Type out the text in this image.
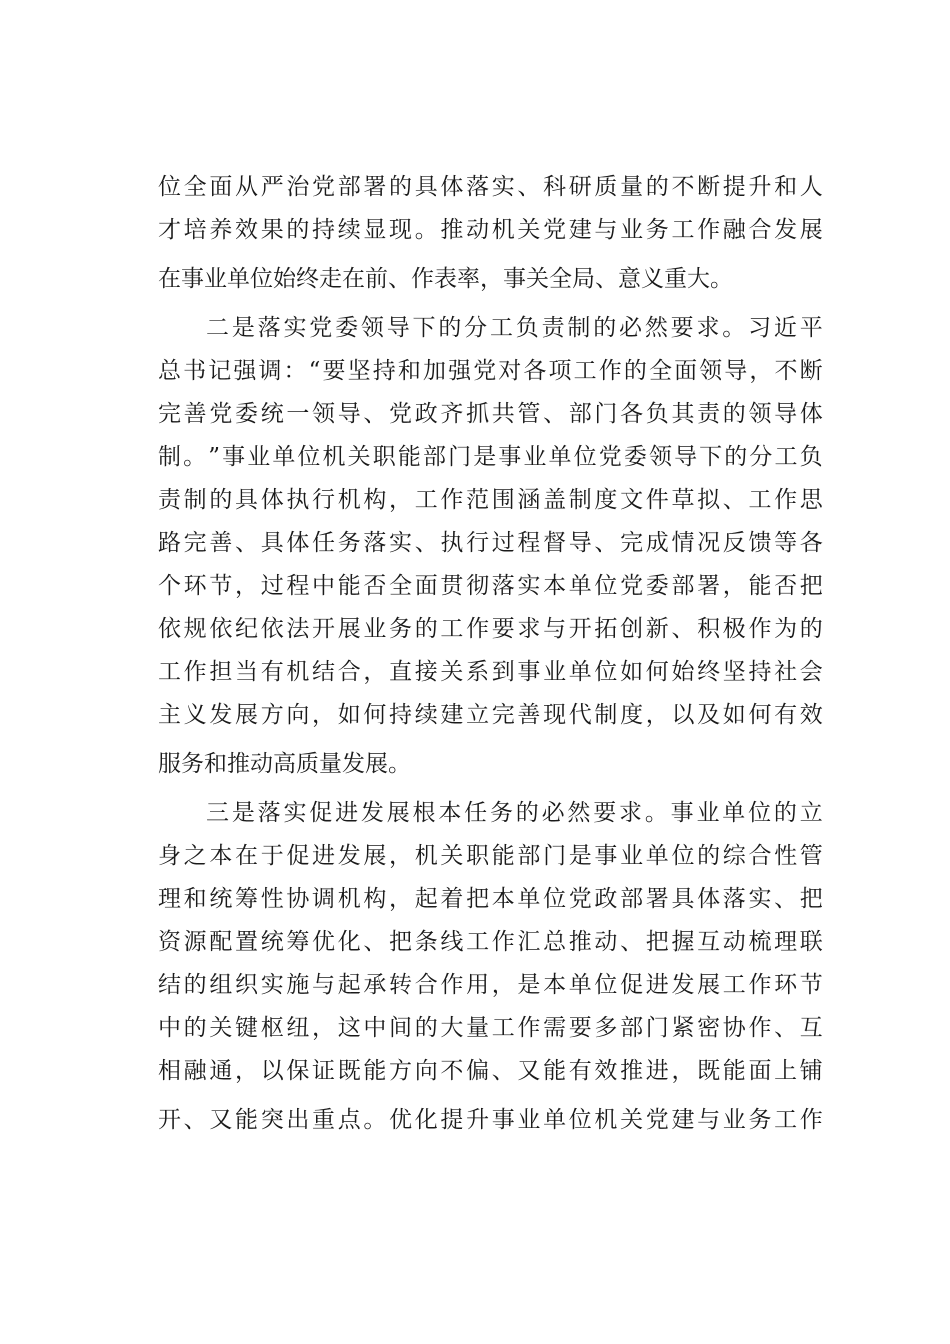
位 全 面 从 严 治 党 部 署 的 具 体 落 实 、 科 研 质 量 的 不 断 提 升 和 人
才 培 养 效 果 的 持 续 显 现 。 推 动 机 关 党 建 与 业 务 工 作 融 合 发 展
在 事 业 单 位 始 终 走 在 前 、 作 表 率 ， 事 关 全 局 、 意 义 重 大 。
二 是 落 实 党 委 领 导 下 的 分 工 负 责 制 的 必 然 要 求 。 习 近 平
总 书 记 强 调 ： “ 要 坚 持 和 加 强 党 对 各 项 工 作 的 全 面 领 导 ， 不 断
完 善 党 委 统 一 领 导 、 党 政 齐 抓 共 管 、 部 门 各 负 其 责 的 领 导 体
制 。 ” 事 业 单 位 机 关 职 能 部 门 是 事 业 单 位 党 委 领 导 下 的 分 工 负
责 制 的 具 体 执 行 机 构 ， 工 作 范 围 涵 盖 制 度 文 件 草 拟 、 工 作 思
路 完 善 、 具 体 任 务 落 实 、 执 行 过 程 督 导 、 完 成 情 况 反 馈 等 各
个 环 节 ， 过 程 中 能 否 全 面 贯 彻 落 实 本 单 位 党 委 部 署 ， 能 否 把
依 规 依 纪 依 法 开 展 业 务 的 工 作 要 求 与 开 拓 创 新 、 积 极 作 为 的
工 作 担 当 有 机 结 合 ， 直 接 关 系 到 事 业 单 位 如 何 始 终 坚 持 社 会
主 义 发 展 方 向 ， 如 何 持 续 建 立 完 善 现 代 制 度 ， 以 及 如 何 有 效
服 务 和 推 动 高 质 量 发 展 。
三 是 落 实 促 进 发 展 根 本 任 务 的 必 然 要 求 。 事 业 单 位 的 立
身 之 本 在 于 促 进 发 展 ， 机 关 职 能 部 门 是 事 业 单 位 的 综 合 性 管
理 和 统 筹 性 协 调 机 构 ， 起 着 把 本 单 位 党 政 部 署 具 体 落 实 、 把
资 源 配 置 统 筹 优 化 、 把 条 线 工 作 汇 总 推 动 、 把 握 互 动 梳 理 联
结 的 组 织 实 施 与 起 承 转 合 作 用 ， 是 本 单 位 促 进 发 展 工 作 环 节
中 的 关 键 枢 纽 ， 这 中 间 的 大 量 工 作 需 要 多 部 门 紧 密 协 作 、 互
相 融 通 ， 以 保 证 既 能 方 向 不 偏 、 又 能 有 效 推 进 ， 既 能 面 上 铺
开 、 又 能 突 出 重 点 。 优 化 提 升 事 业 单 位 机 关 党 建 与 业 务 工 作
